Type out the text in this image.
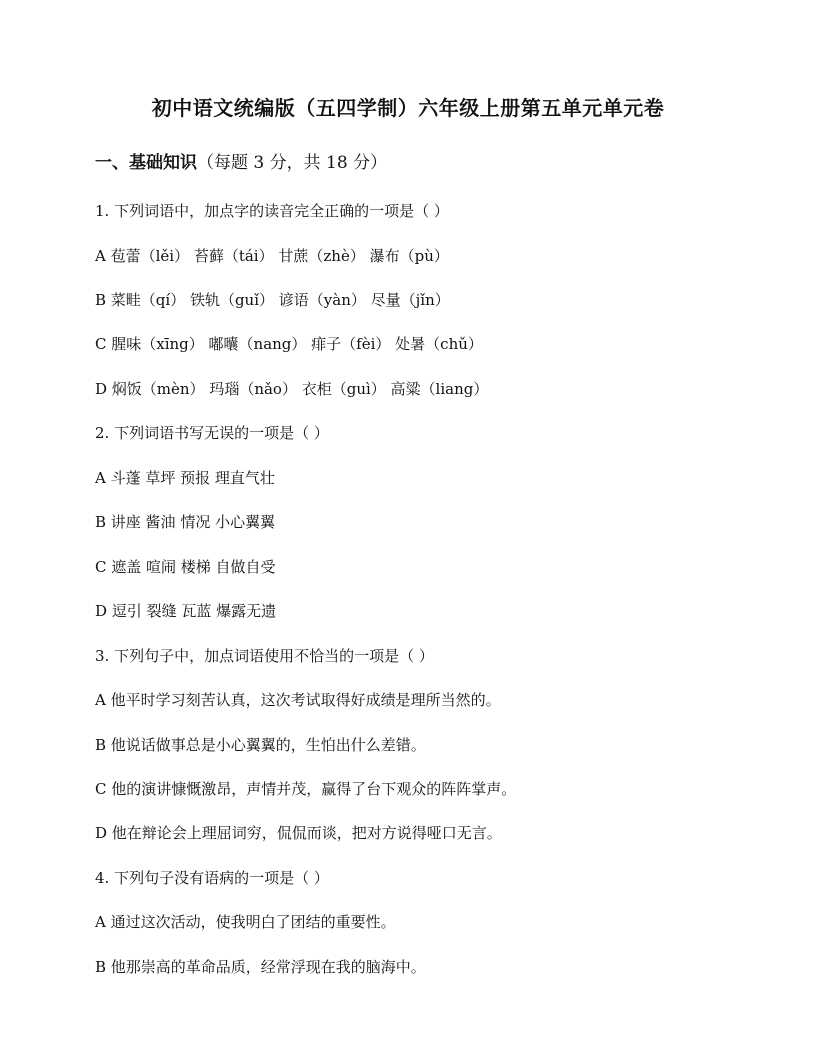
初中语文统编版（五四学制）六年级上册第五单元单元卷
一、基础知识（每题 3 分，共 18 分）
1. 下列词语中，加点字的读音完全正确的一项是（ ）
A 苞蕾（lěi） 苔藓（tái） 甘蔗（zhè） 瀑布（pù）
B 菜畦（qí） 铁轨（guǐ） 谚语（yàn） 尽量（jǐn）
C 腥味（xīng） 嘟囔（nang） 痱子（fèi） 处暑（chǔ）
D 焖饭（mèn） 玛瑙（nǎo） 衣柜（guì） 高粱（liang）
2. 下列词语书写无误的一项是（ ）
A 斗蓬 草坪 预报 理直气壮
B 讲座 酱油 情况 小心翼翼
C 遮盖 喧闹 楼梯 自做自受
D 逗引 裂缝 瓦蓝 爆露无遗
3. 下列句子中，加点词语使用不恰当的一项是（ ）
A 他平时学习刻苦认真，这次考试取得好成绩是理所当然的。
B 他说话做事总是小心翼翼的，生怕出什么差错。
C 他的演讲慷慨激昂，声情并茂，赢得了台下观众的阵阵掌声。
D 他在辩论会上理屈词穷，侃侃而谈，把对方说得哑口无言。
4. 下列句子没有语病的一项是（ ）
A 通过这次活动，使我明白了团结的重要性。
B 他那崇高的革命品质，经常浮现在我的脑海中。
